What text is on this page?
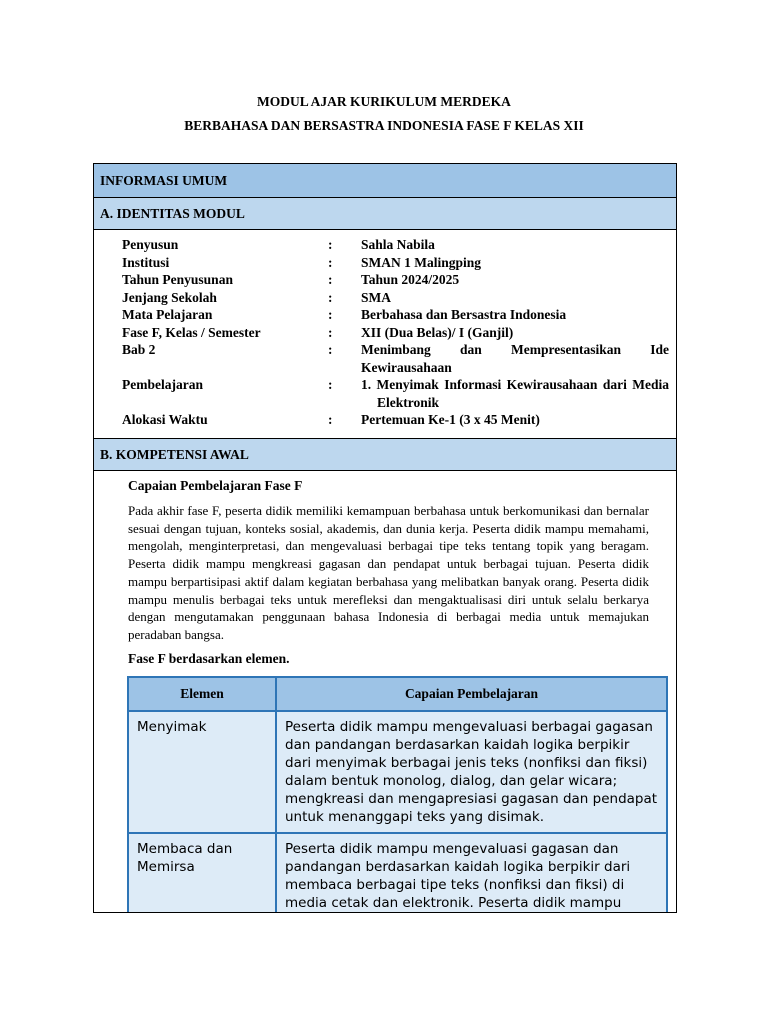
MODUL AJAR KURIKULUM MERDEKA
BERBAHASA DAN BERSASTRA INDONESIA FASE F KELAS XII
INFORMASI UMUM
A. IDENTITAS MODUL
Penyusun	: Sahla Nabila
Institusi	: SMAN 1 Malingping
Tahun Penyusunan	: Tahun 2024/2025
Jenjang Sekolah	: SMA
Mata Pelajaran	: Berbahasa dan Bersastra Indonesia
Fase F, Kelas / Semester	: XII (Dua Belas)/ I (Ganjil)
Bab 2	: Menimbang dan Mempresentasikan Ide Kewirausahaan
Pembelajaran	: 1. Menyimak Informasi Kewirausahaan dari Media Elektronik
Alokasi Waktu	: Pertemuan Ke-1 (3 x 45 Menit)
B. KOMPETENSI AWAL
Capaian Pembelajaran Fase F
Pada akhir fase F, peserta didik memiliki kemampuan berbahasa untuk berkomunikasi dan bernalar sesuai dengan tujuan, konteks sosial, akademis, dan dunia kerja. Peserta didik mampu memahami, mengolah, menginterpretasi, dan mengevaluasi berbagai tipe teks tentang topik yang beragam. Peserta didik mampu mengkreasi gagasan dan pendapat untuk berbagai tujuan. Peserta didik mampu berpartisipasi aktif dalam kegiatan berbahasa yang melibatkan banyak orang. Peserta didik mampu menulis berbagai teks untuk merefleksi dan mengaktualisasi diri untuk selalu berkarya dengan mengutamakan penggunaan bahasa Indonesia di berbagai media untuk memajukan peradaban bangsa.
Fase F berdasarkan elemen.
Elemen	Capaian Pembelajaran
Menyimak	Peserta didik mampu mengevaluasi berbagai gagasan dan pandangan berdasarkan kaidah logika berpikir dari menyimak berbagai jenis teks (nonfiksi dan fiksi) dalam bentuk monolog, dialog, dan gelar wicara; mengkreasi dan mengapresiasi gagasan dan pendapat untuk menanggapi teks yang disimak.
Membaca dan Memirsa	Peserta didik mampu mengevaluasi gagasan dan pandangan berdasarkan kaidah logika berpikir dari membaca berbagai tipe teks (nonfiksi dan fiksi) di media cetak dan elektronik. Peserta didik mampu
